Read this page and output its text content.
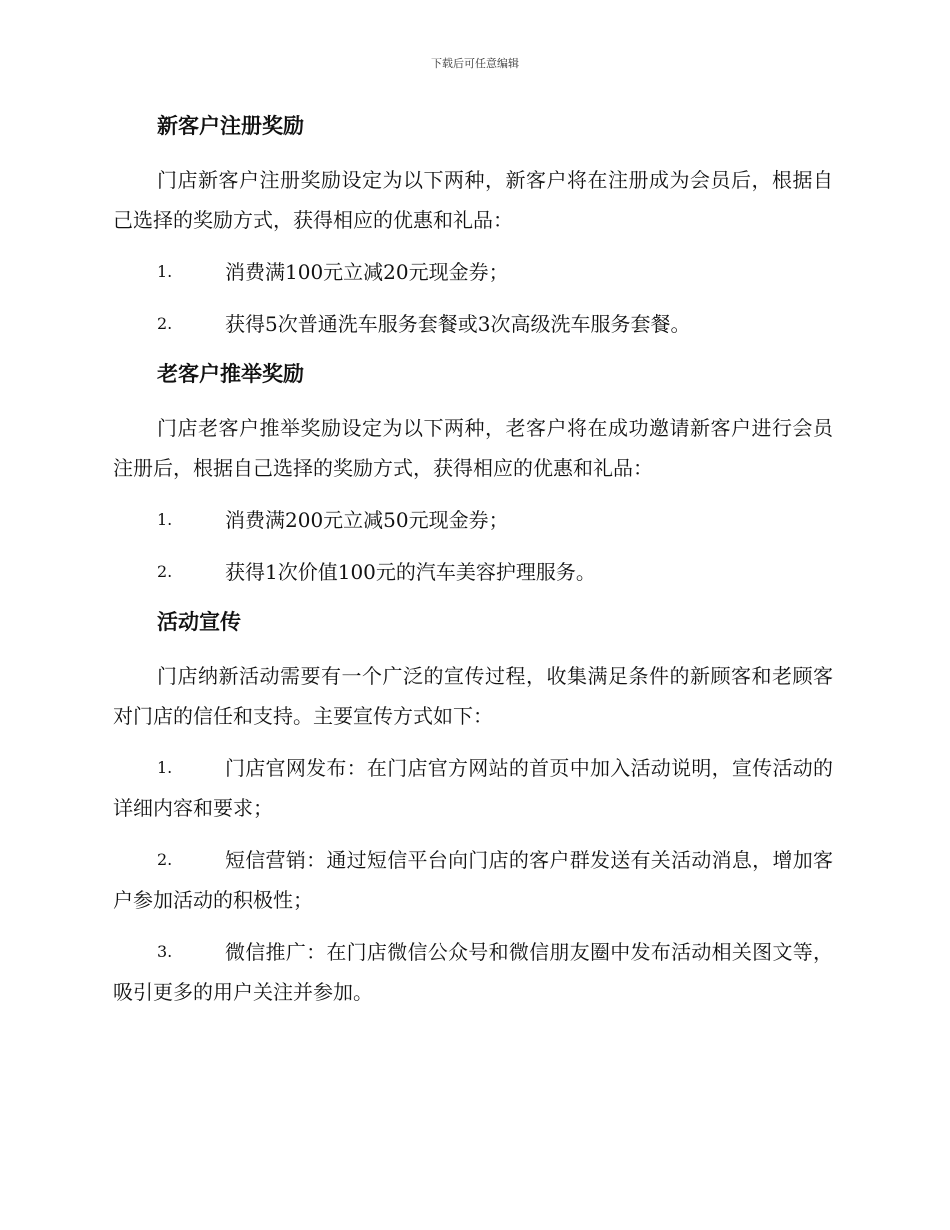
下载后可任意编辑
新客户注册奖励

门店新客户注册奖励设定为以下两种，新客户将在注册成为会员后，根据自己选择的奖励方式，获得相应的优惠和礼品：

1.	消费满100元立减20元现金券；
2.	获得5次普通洗车服务套餐或3次高级洗车服务套餐。
老客户推举奖励

门店老客户推举奖励设定为以下两种，老客户将在成功邀请新客户进行会员注册后，根据自己选择的奖励方式，获得相应的优惠和礼品：

1.	消费满200元立减50元现金券；
2.	获得1次价值100元的汽车美容护理服务。
活动宣传

门店纳新活动需要有一个广泛的宣传过程，收集满足条件的新顾客和老顾客对门店的信任和支持。主要宣传方式如下：

1.	门店官网发布：在门店官方网站的首页中加入活动说明，宣传活动的详细内容和要求；
2.	短信营销：通过短信平台向门店的客户群发送有关活动消息，增加客户参加活动的积极性；
3.	微信推广：在门店微信公众号和微信朋友圈中发布活动相关图文等，吸引更多的用户关注并参加。
